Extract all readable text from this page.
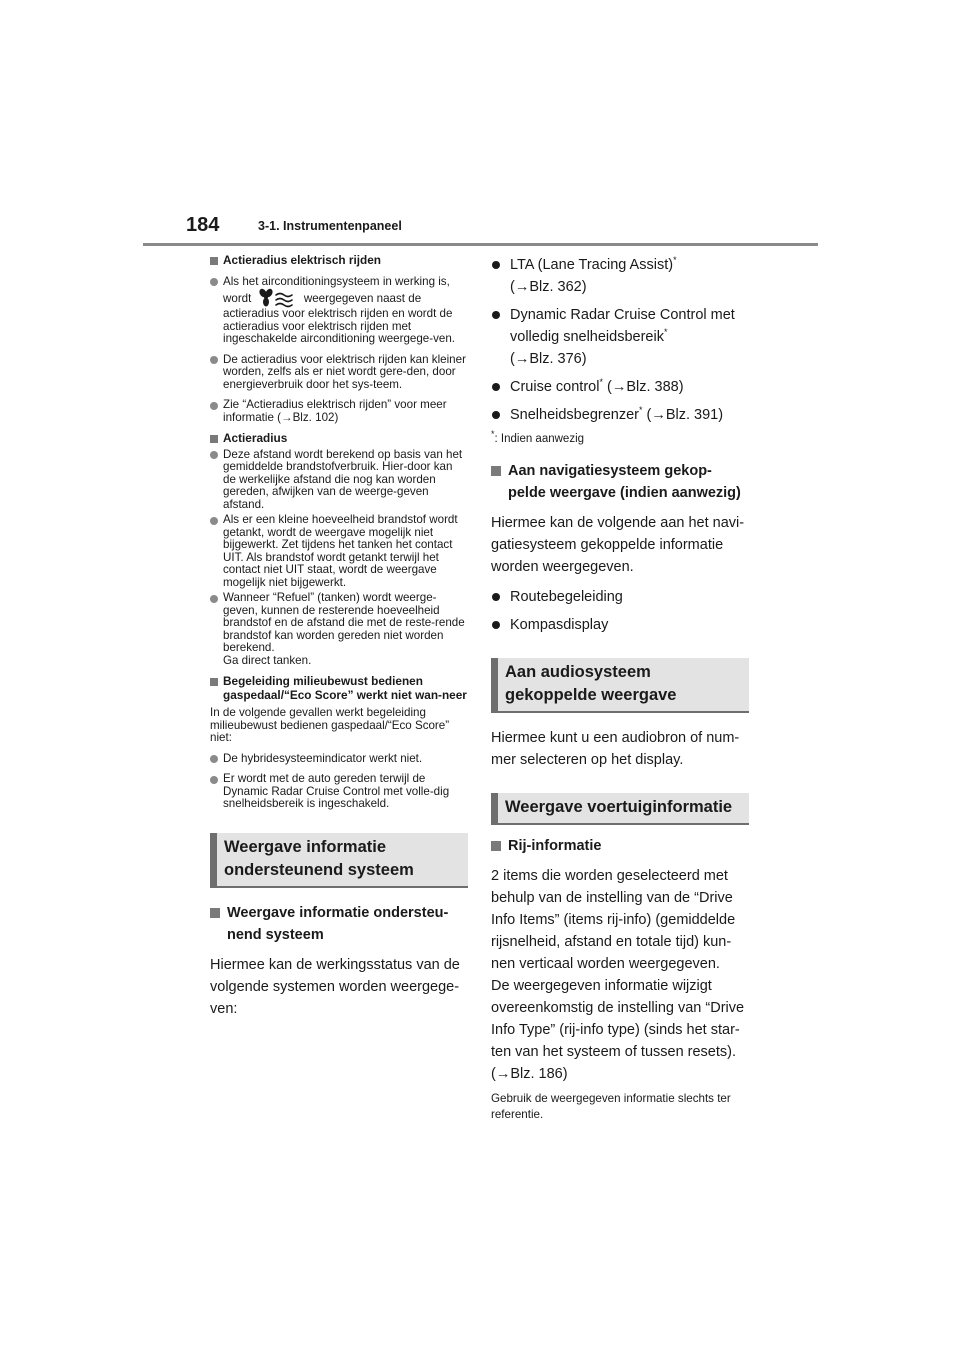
184	3-1. Instrumentenpaneel
Actieradius elektrisch rijden
Als het airconditioningsysteem in werking is, wordt	weergegeven naast de actieradius voor elektrisch rijden en wordt de actieradius voor elektrisch rijden met ingeschakelde airconditioning weergege-ven.
De actieradius voor elektrisch rijden kan kleiner worden, zelfs als er niet wordt gere-den, door energieverbruik door het sys-teem.
Zie “Actieradius elektrisch rijden” voor meer informatie (→Blz. 102)
Actieradius
Deze afstand wordt berekend op basis van het gemiddelde brandstofverbruik. Hier-door kan de werkelijke afstand die nog kan worden gereden, afwijken van de weerge-geven afstand.
Als er een kleine hoeveelheid brandstof wordt getankt, wordt de weergave mogelijk niet bijgewerkt. Zet tijdens het tanken het contact UIT. Als brandstof wordt getankt terwijl het contact niet UIT staat, wordt de weergave mogelijk niet bijgewerkt.
Wanneer “Refuel” (tanken) wordt weerge-geven, kunnen de resterende hoeveelheid brandstof en de afstand die met de reste-rende brandstof kan worden gereden niet worden berekend.
Ga direct tanken.
Begeleiding milieubewust bedienen gaspedaal/“Eco Score” werkt niet wan-neer
In de volgende gevallen werkt begeleiding milieubewust bedienen gaspedaal/“Eco Score” niet:
De hybridesysteemindicator werkt niet.
Er wordt met de auto gereden terwijl de Dynamic Radar Cruise Control met volle-dig snelheidsbereik is ingeschakeld.
Weergave informatie ondersteunend systeem
Weergave informatie ondersteu-nend systeem
Hiermee kan de werkingsstatus van de volgende systemen worden weergege-ven:
LTA (Lane Tracing Assist)*
(→Blz. 362)
Dynamic Radar Cruise Control met volledig snelheidsbereik*
(→Blz. 376)
Cruise control* (→Blz. 388)
Snelheidsbegrenzer* (→Blz. 391)
*: Indien aanwezig
Aan navigatiesysteem gekop-pelde weergave (indien aanwezig)
Hiermee kan de volgende aan het navi-gatiesysteem gekoppelde informatie worden weergegeven.
Routebegeleiding
Kompasdisplay
Aan audiosysteem gekoppelde weergave
Hiermee kunt u een audiobron of num-mer selecteren op het display.
Weergave voertuiginformatie
Rij-informatie
2 items die worden geselecteerd met behulp van de instelling van de “Drive Info Items” (items rij-info) (gemiddelde rijsnelheid, afstand en totale tijd) kun-nen verticaal worden weergegeven.
De weergegeven informatie wijzigt overeenkomstig de instelling van “Drive Info Type” (rij-info type) (sinds het star-ten van het systeem of tussen resets).
(→Blz. 186)
Gebruik de weergegeven informatie slechts ter referentie.
